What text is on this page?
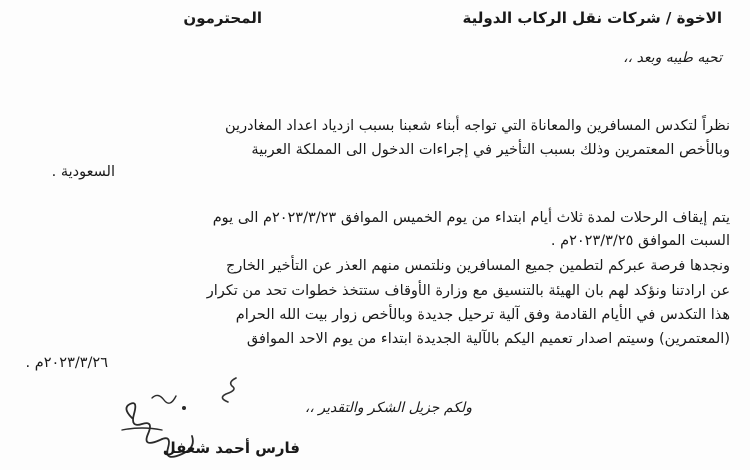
الاخوة / شركات نقل الركاب الدولية
المحترمون
تحيه طيبه وبعد ،،
نظراً لتكدس المسافرين والمعاناة التي تواجه أبناء شعبنا بسبب ازدياد اعداد المغادرين
وبالأخص المعتمرين وذلك بسبب التأخير في إجراءات الدخول الى المملكة العربية
السعودية .
يتم إيقاف الرحلات لمدة ثلاث أيام ابتداء من يوم الخميس الموافق ٢٠٢٣/٣/٢٣م الى يوم
السبت الموافق ٢٠٢٣/٣/٢٥م .
ونجدها فرصة عبركم لتطمين جميع المسافرين ونلتمس منهم العذر عن التأخير الخارج
عن ارادتنا ونؤكد لهم بان الهيئة بالتنسيق مع وزارة الأوقاف ستتخذ خطوات تحد من تكرار
هذا التكدس في الأيام القادمة وفق آلية ترحيل جديدة وبالأخص زوار بيت الله الحرام
(المعتمرين) وسيتم اصدار تعميم اليكم بالآلية الجديدة ابتداء من يوم الاحد الموافق
٢٠٢٣/٣/٢٦م .
ولكم جزيل الشكر والتقدير ،،
فارس أحمد شعفل
